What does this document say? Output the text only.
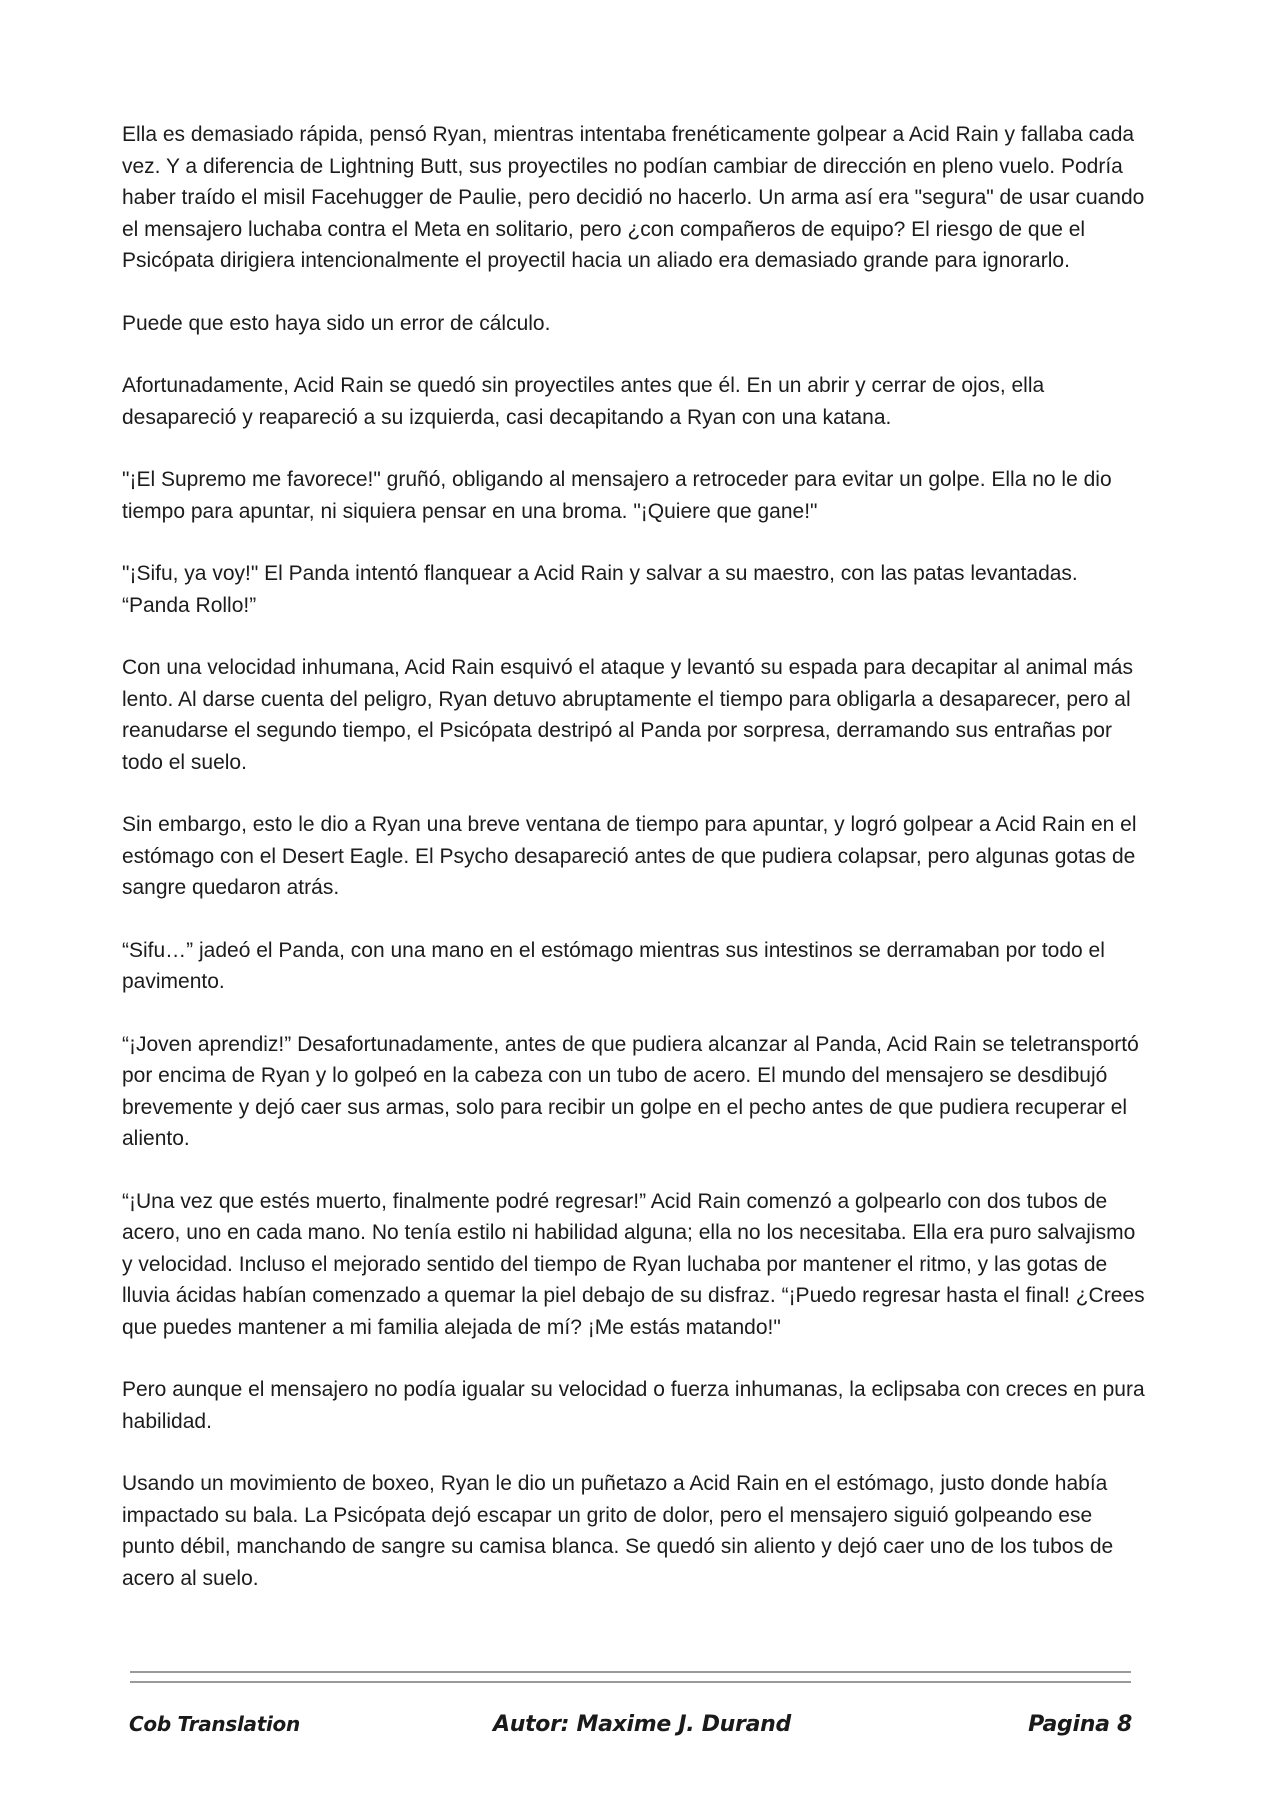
Ella es demasiado rápida, pensó Ryan, mientras intentaba frenéticamente golpear a Acid Rain y fallaba cada vez. Y a diferencia de Lightning Butt, sus proyectiles no podían cambiar de dirección en pleno vuelo. Podría haber traído el misil Facehugger de Paulie, pero decidió no hacerlo. Un arma así era "segura" de usar cuando el mensajero luchaba contra el Meta en solitario, pero ¿con compañeros de equipo? El riesgo de que el Psicópata dirigiera intencionalmente el proyectil hacia un aliado era demasiado grande para ignorarlo.

Puede que esto haya sido un error de cálculo.

Afortunadamente, Acid Rain se quedó sin proyectiles antes que él. En un abrir y cerrar de ojos, ella desapareció y reapareció a su izquierda, casi decapitando a Ryan con una katana.

"¡El Supremo me favorece!" gruñó, obligando al mensajero a retroceder para evitar un golpe. Ella no le dio tiempo para apuntar, ni siquiera pensar en una broma. "¡Quiere que gane!"

"¡Sifu, ya voy!" El Panda intentó flanquear a Acid Rain y salvar a su maestro, con las patas levantadas. “Panda Rollo!”

Con una velocidad inhumana, Acid Rain esquivó el ataque y levantó su espada para decapitar al animal más lento. Al darse cuenta del peligro, Ryan detuvo abruptamente el tiempo para obligarla a desaparecer, pero al reanudarse el segundo tiempo, el Psicópata destripó al Panda por sorpresa, derramando sus entrañas por todo el suelo.

Sin embargo, esto le dio a Ryan una breve ventana de tiempo para apuntar, y logró golpear a Acid Rain en el estómago con el Desert Eagle. El Psycho desapareció antes de que pudiera colapsar, pero algunas gotas de sangre quedaron atrás.

“Sifu…” jadeó el Panda, con una mano en el estómago mientras sus intestinos se derramaban por todo el pavimento.

“¡Joven aprendiz!” Desafortunadamente, antes de que pudiera alcanzar al Panda, Acid Rain se teletransportó por encima de Ryan y lo golpeó en la cabeza con un tubo de acero. El mundo del mensajero se desdibujó brevemente y dejó caer sus armas, solo para recibir un golpe en el pecho antes de que pudiera recuperar el aliento.

“¡Una vez que estés muerto, finalmente podré regresar!” Acid Rain comenzó a golpearlo con dos tubos de acero, uno en cada mano. No tenía estilo ni habilidad alguna; ella no los necesitaba. Ella era puro salvajismo y velocidad. Incluso el mejorado sentido del tiempo de Ryan luchaba por mantener el ritmo, y las gotas de lluvia ácidas habían comenzado a quemar la piel debajo de su disfraz. “¡Puedo regresar hasta el final! ¿Crees que puedes mantener a mi familia alejada de mí? ¡Me estás matando!"

Pero aunque el mensajero no podía igualar su velocidad o fuerza inhumanas, la eclipsaba con creces en pura habilidad.

Usando un movimiento de boxeo, Ryan le dio un puñetazo a Acid Rain en el estómago, justo donde había impactado su bala. La Psicópata dejó escapar un grito de dolor, pero el mensajero siguió golpeando ese punto débil, manchando de sangre su camisa blanca. Se quedó sin aliento y dejó caer uno de los tubos de acero al suelo.

Cob Translation	Autor: Maxime J. Durand	Pagina 8
